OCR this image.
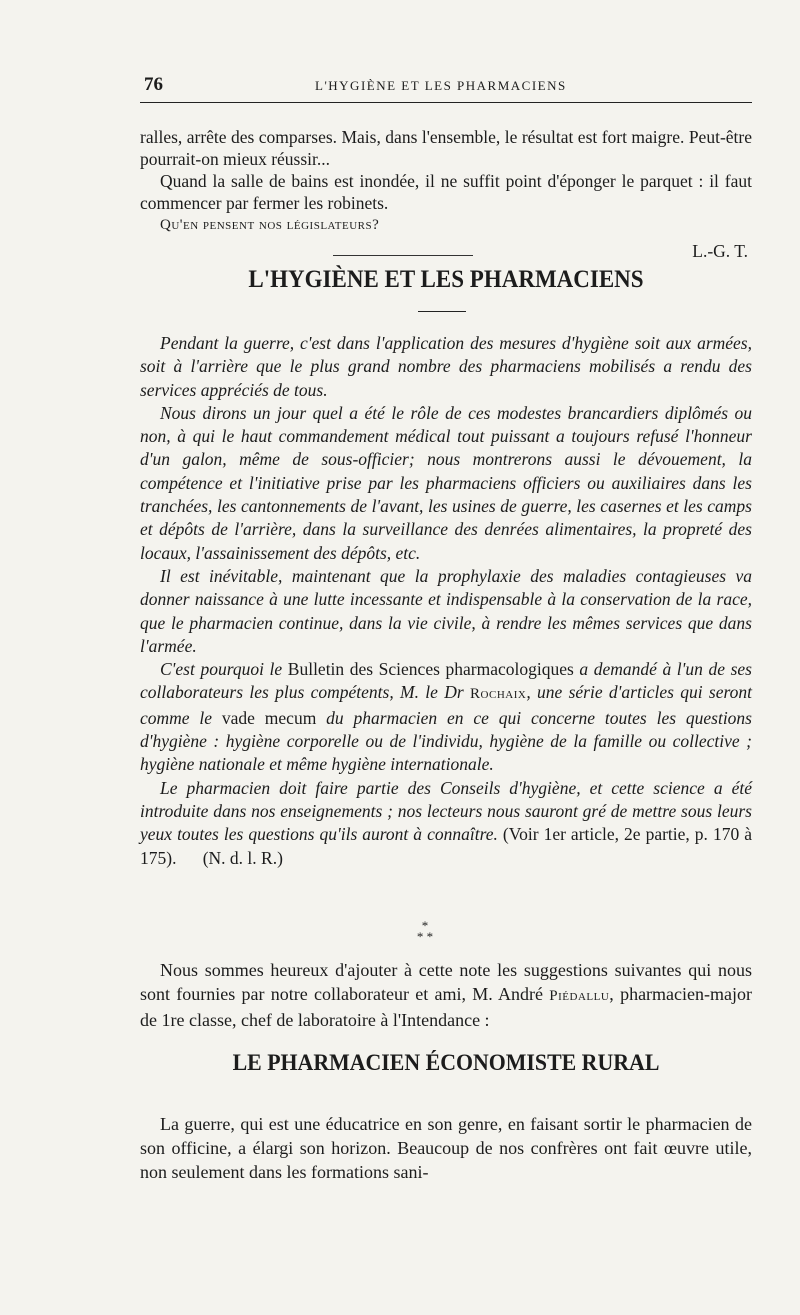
76	L'HYGIÈNE ET LES PHARMACIENS

ralles, arrête des comparses. Mais, dans l'ensemble, le résultat est fort maigre. Peut-être pourrait-on mieux réussir...

Quand la salle de bains est inondée, il ne suffit point d'éponger le parquet : il faut commencer par fermer les robinets.

Qu'en pensent nos législateurs?

L.-G. T.
L'HYGIÈNE ET LES PHARMACIENS

Pendant la guerre, c'est dans l'application des mesures d'hygiène soit aux armées, soit à l'arrière que le plus grand nombre des pharmaciens mobilisés a rendu des services appréciés de tous.

Nous dirons un jour quel a été le rôle de ces modestes brancardiers diplômés ou non, à qui le haut commandement médical tout puissant a toujours refusé l'honneur d'un galon, même de sous-officier; nous montrerons aussi le dévouement, la compétence et l'initiative prise par les pharmaciens officiers ou auxiliaires dans les tranchées, les cantonnements de l'avant, les usines de guerre, les casernes et les camps et dépôts de l'arrière, dans la surveillance des denrées alimentaires, la propreté des locaux, l'assainissement des dépôts, etc.

Il est inévitable, maintenant que la prophylaxie des maladies contagieuses va donner naissance à une lutte incessante et indispensable à la conservation de la race, que le pharmacien continue, dans la vie civile, à rendre les mêmes services que dans l'armée.

C'est pourquoi le Bulletin des Sciences pharmacologiques a demandé à l'un de ses collaborateurs les plus compétents, M. le Dr Rochaix, une série d'articles qui seront comme le vade mecum du pharmacien en ce qui concerne toutes les questions d'hygiène : hygiène corporelle ou de l'individu, hygiène de la famille ou collective ; hygiène nationale et même hygiène internationale.

Le pharmacien doit faire partie des Conseils d'hygiène, et cette science a été introduite dans nos enseignements ; nos lecteurs nous sauront gré de mettre sous leurs yeux toutes les questions qu'ils auront à connaître. (Voir 1er article, 2e partie, p. 170 à 175). (N. d. l. R.)

*
* *

Nous sommes heureux d'ajouter à cette note les suggestions suivantes qui nous sont fournies par notre collaborateur et ami, M. André Piédallu, pharmacien-major de 1re classe, chef de laboratoire à l'Intendance :

LE PHARMACIEN ÉCONOMISTE RURAL

La guerre, qui est une éducatrice en son genre, en faisant sortir le pharmacien de son officine, a élargi son horizon. Beaucoup de nos confrères ont fait œuvre utile, non seulement dans les formations sani-
